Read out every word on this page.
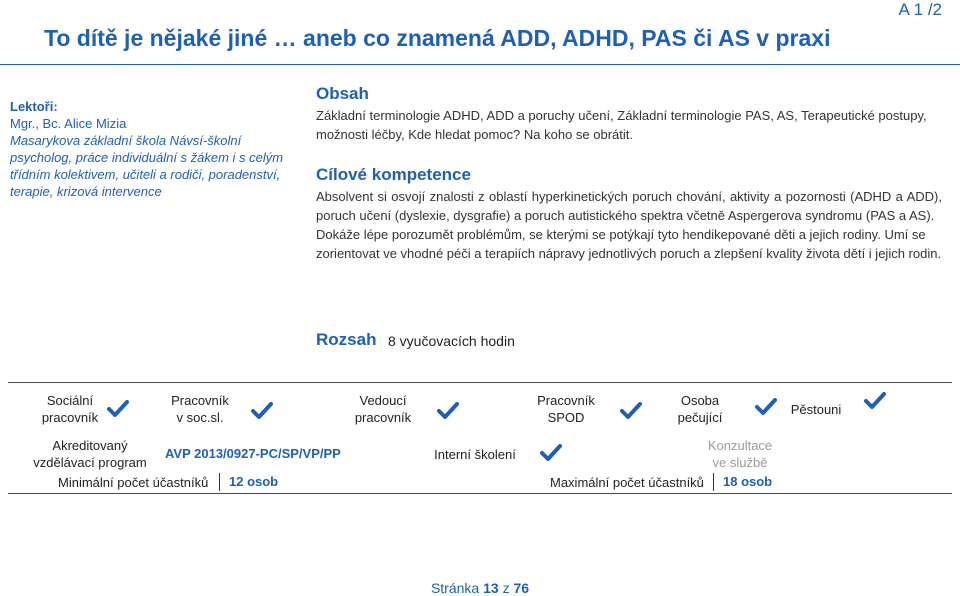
A 1 /2
To dítě je nějaké jiné … aneb co znamená ADD, ADHD, PAS či AS v praxi
Lektoři:
Mgr., Bc. Alice Mizia
Masarykova základní škola Návsí-školní psycholog, práce individuální s žákem i s celým třídním kolektivem, učiteli a rodiči, poradenství, terapie, krizová intervence
Obsah
Základní terminologie ADHD, ADD a poruchy učení, Základní terminologie PAS, AS, Terapeutické postupy, možnosti léčby, Kde hledat pomoc? Na koho se obrátit.
Cílové kompetence

Absolvent si osvojí znalosti z oblastí hyperkinetických poruch chování, aktivity a pozornosti (ADHD a ADD), poruch učení (dyslexie, dysgrafie) a poruch autistického spektra včetně Aspergerova syndromu (PAS a AS).

Dokáže lépe porozumět problémům, se kterými se potýkají tyto hendikepované děti a jejich rodiny. Umí se zorientovat ve vhodné péči a terapiích nápravy jednotlivých poruch a zlepšení kvality života dětí i jejich rodin.

Rozsah 8 vyučovacích hodin
Sociální
pracovník
Pracovník
v soc.sl.
Vedoucí
pracovník
Pracovník
SPOD
Osoba
pečující
Pěstouni
Akreditovaný
vzdělávací program
AVP 2013/0927-PC/SP/VP/PP	Interní školení
Konzultace
ve službě
Minimální počet účastníků 12 osob	Maximální počet účastníků 18 osob
Stránka 13 z 76
